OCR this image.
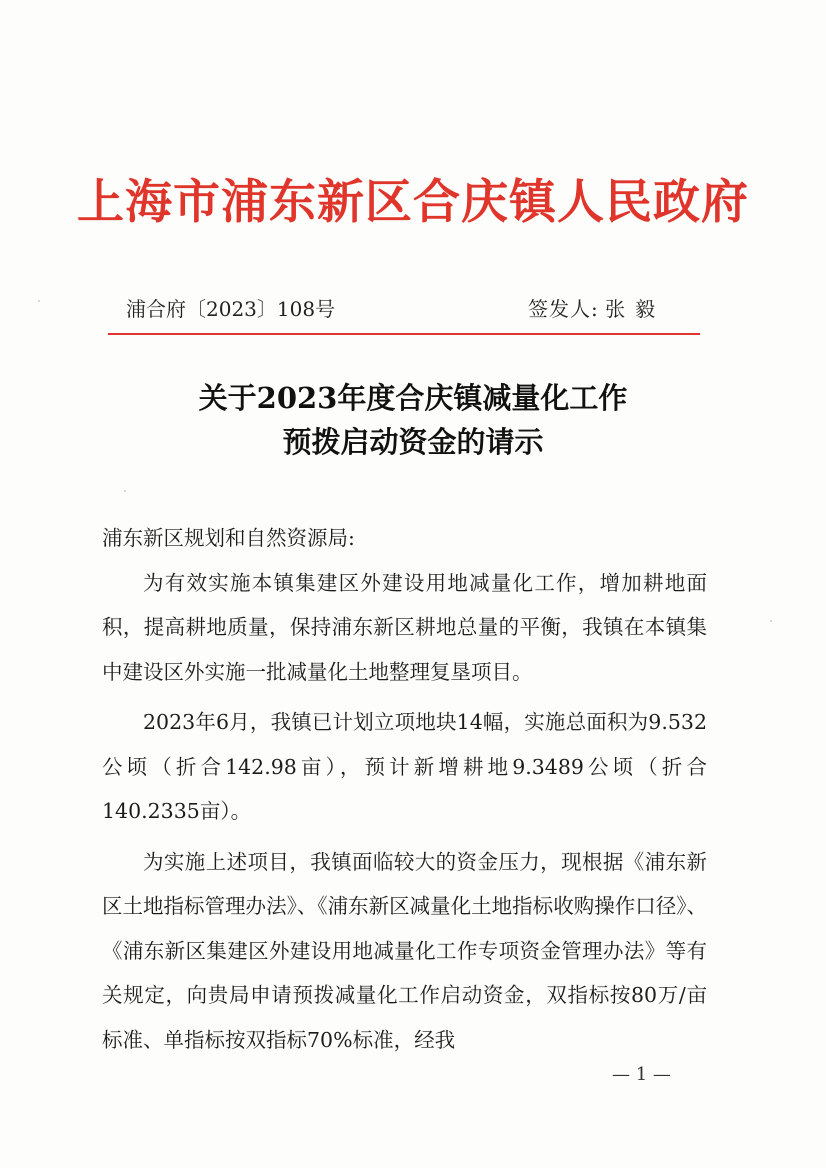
上海市浦东新区合庆镇人民政府
浦合府〔2023〕108号	签发人: 张毅
关于2023年度合庆镇减量化工作
预拨启动资金的请示

浦东新区规划和自然资源局:

为有效实施本镇集建区外建设用地减量化工作，增加耕地面积，提高耕地质量，保持浦东新区耕地总量的平衡，我镇在本镇集中建设区外实施一批减量化土地整理复垦项目。

2023年6月，我镇已计划立项地块14幅，实施总面积为9.532公顷（折合142.98亩），预计新增耕地9.3489公顷（折合140.2335亩）。

为实施上述项目，我镇面临较大的资金压力，现根据《浦东新区土地指标管理办法》、《浦东新区减量化土地指标收购操作口径》、《浦东新区集建区外建设用地减量化工作专项资金管理办法》等有关规定，向贵局申请预拨减量化工作启动资金，双指标按80万/亩标准、单指标按双指标70%标准，经我

— 1 —
